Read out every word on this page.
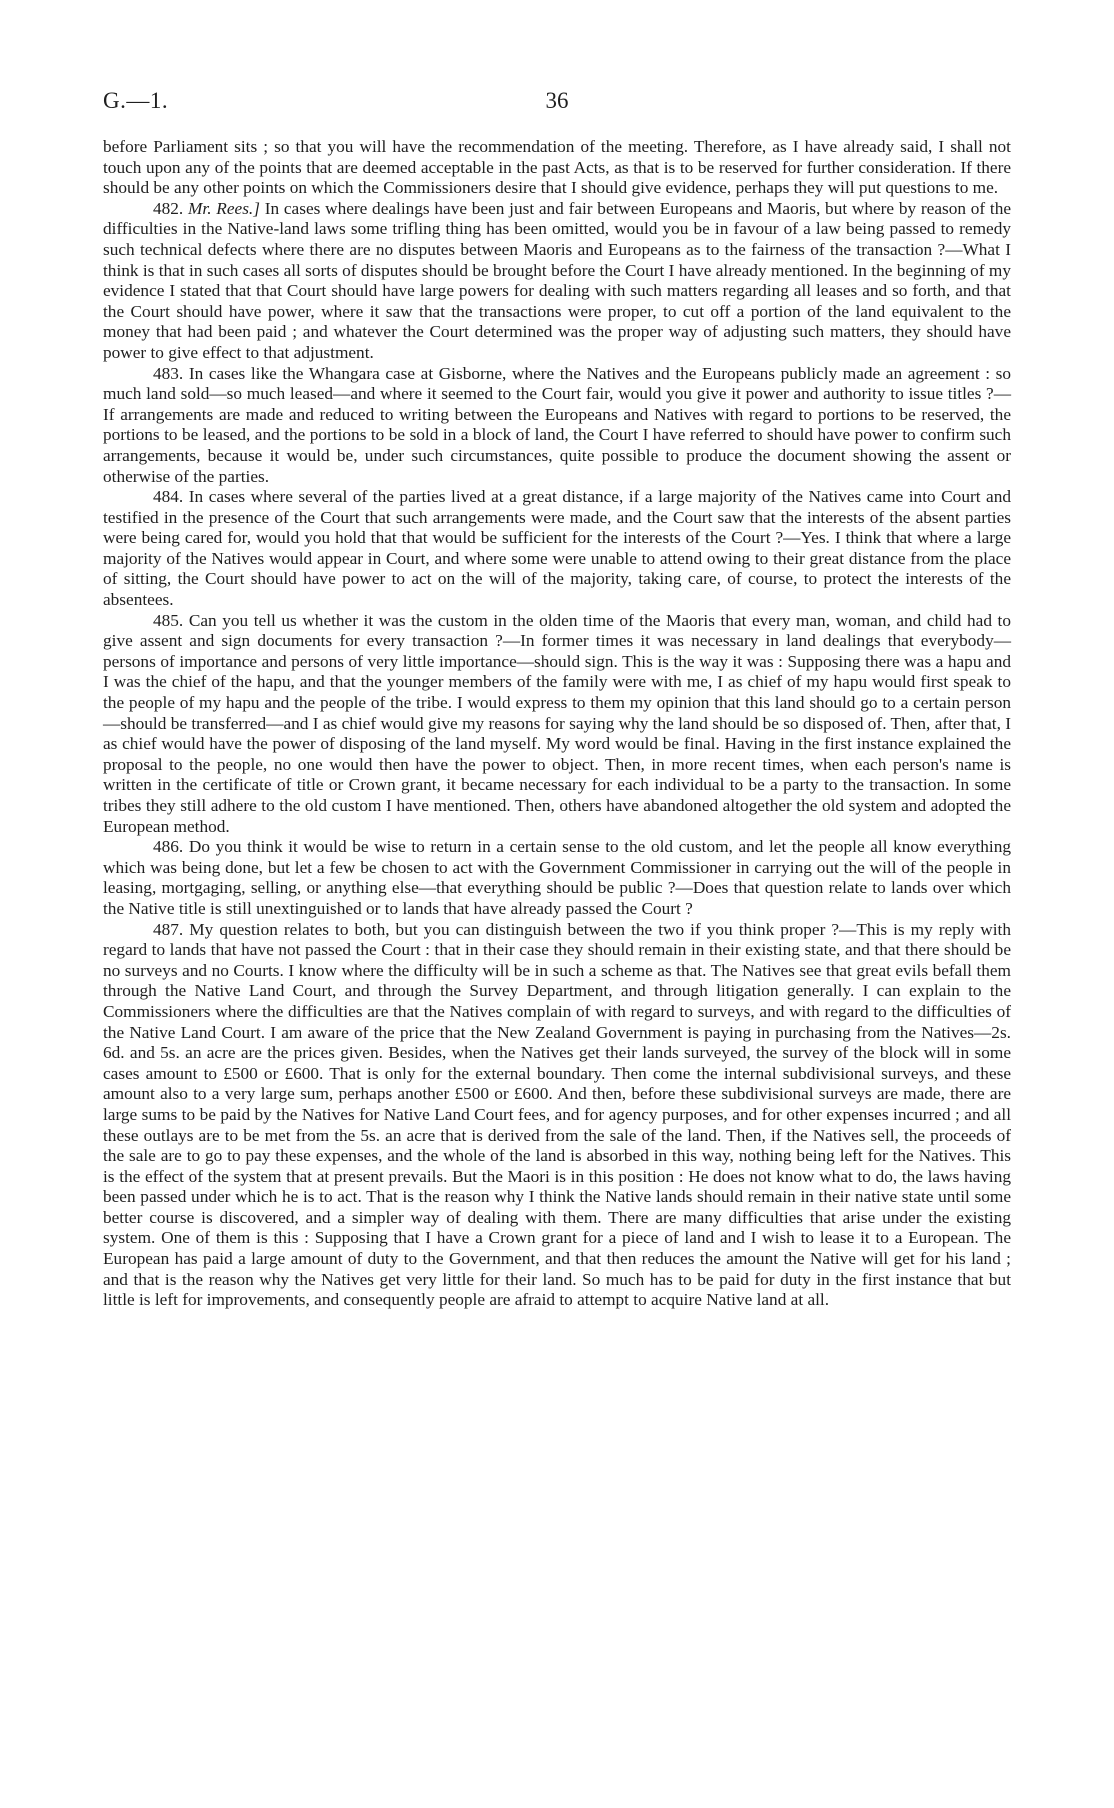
G.—1.	36

before Parliament sits ; so that you will have the recommendation of the meeting. Therefore, as I have already said, I shall not touch upon any of the points that are deemed acceptable in the past Acts, as that is to be reserved for further consideration. If there should be any other points on which the Commissioners desire that I should give evidence, perhaps they will put questions to me.

482. Mr. Rees.] In cases where dealings have been just and fair between Europeans and Maoris, but where by reason of the difficulties in the Native-land laws some trifling thing has been omitted, would you be in favour of a law being passed to remedy such technical defects where there are no disputes between Maoris and Europeans as to the fairness of the transaction ?—What I think is that in such cases all sorts of disputes should be brought before the Court I have already mentioned. In the beginning of my evidence I stated that that Court should have large powers for dealing with such matters regarding all leases and so forth, and that the Court should have power, where it saw that the transactions were proper, to cut off a portion of the land equivalent to the money that had been paid ; and whatever the Court determined was the proper way of adjusting such matters, they should have power to give effect to that adjustment.

483. In cases like the Whangara case at Gisborne, where the Natives and the Europeans publicly made an agreement : so much land sold—so much leased—and where it seemed to the Court fair, would you give it power and authority to issue titles ?—If arrangements are made and reduced to writing between the Europeans and Natives with regard to portions to be reserved, the portions to be leased, and the portions to be sold in a block of land, the Court I have referred to should have power to confirm such arrangements, because it would be, under such circumstances, quite possible to produce the document showing the assent or otherwise of the parties.

484. In cases where several of the parties lived at a great distance, if a large majority of the Natives came into Court and testified in the presence of the Court that such arrangements were made, and the Court saw that the interests of the absent parties were being cared for, would you hold that that would be sufficient for the interests of the Court ?—Yes. I think that where a large majority of the Natives would appear in Court, and where some were unable to attend owing to their great distance from the place of sitting, the Court should have power to act on the will of the majority, taking care, of course, to protect the interests of the absentees.

485. Can you tell us whether it was the custom in the olden time of the Maoris that every man, woman, and child had to give assent and sign documents for every transaction ?—In former times it was necessary in land dealings that everybody—persons of importance and persons of very little importance—should sign. This is the way it was : Supposing there was a hapu and I was the chief of the hapu, and that the younger members of the family were with me, I as chief of my hapu would first speak to the people of my hapu and the people of the tribe. I would express to them my opinion that this land should go to a certain person—should be transferred—and I as chief would give my reasons for saying why the land should be so disposed of. Then, after that, I as chief would have the power of disposing of the land myself. My word would be final. Having in the first instance explained the proposal to the people, no one would then have the power to object. Then, in more recent times, when each person's name is written in the certificate of title or Crown grant, it became necessary for each individual to be a party to the transaction. In some tribes they still adhere to the old custom I have mentioned. Then, others have abandoned altogether the old system and adopted the European method.

486. Do you think it would be wise to return in a certain sense to the old custom, and let the people all know everything which was being done, but let a few be chosen to act with the Government Commissioner in carrying out the will of the people in leasing, mortgaging, selling, or anything else—that everything should be public ?—Does that question relate to lands over which the Native title is still unextinguished or to lands that have already passed the Court ?

487. My question relates to both, but you can distinguish between the two if you think proper ?—This is my reply with regard to lands that have not passed the Court : that in their case they should remain in their existing state, and that there should be no surveys and no Courts. I know where the difficulty will be in such a scheme as that. The Natives see that great evils befall them through the Native Land Court, and through the Survey Department, and through litigation generally. I can explain to the Commissioners where the difficulties are that the Natives complain of with regard to surveys, and with regard to the difficulties of the Native Land Court. I am aware of the price that the New Zealand Government is paying in purchasing from the Natives—2s. 6d. and 5s. an acre are the prices given. Besides, when the Natives get their lands surveyed, the survey of the block will in some cases amount to £500 or £600. That is only for the external boundary. Then come the internal subdivisional surveys, and these amount also to a very large sum, perhaps another £500 or £600. And then, before these subdivisional surveys are made, there are large sums to be paid by the Natives for Native Land Court fees, and for agency purposes, and for other expenses incurred ; and all these outlays are to be met from the 5s. an acre that is derived from the sale of the land. Then, if the Natives sell, the proceeds of the sale are to go to pay these expenses, and the whole of the land is absorbed in this way, nothing being left for the Natives. This is the effect of the system that at present prevails. But the Maori is in this position : He does not know what to do, the laws having been passed under which he is to act. That is the reason why I think the Native lands should remain in their native state until some better course is discovered, and a simpler way of dealing with them. There are many difficulties that arise under the existing system. One of them is this : Supposing that I have a Crown grant for a piece of land and I wish to lease it to a European. The European has paid a large amount of duty to the Government, and that then reduces the amount the Native will get for his land ; and that is the reason why the Natives get very little for their land. So much has to be paid for duty in the first instance that but little is left for improvements, and consequently people are afraid to attempt to acquire Native land at all.
